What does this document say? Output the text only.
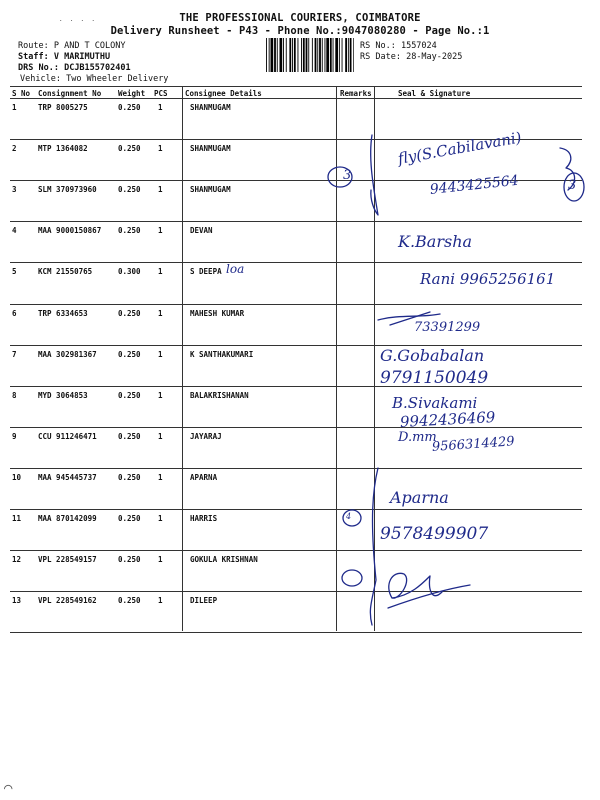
˙ ˙ ˙ ˙
⌒
THE PROFESSIONAL COURIERS, COIMBATORE
Delivery Runsheet - P43 - Phone No.:9047080280 - Page No.:1
Route: P AND T COLONY
Staff: V MARIMUTHU
DRS No.: DCJB155702401
Vehicle: Two Wheeler Delivery
RS No.: 1557024
RS Date: 28-May-2025
S No Consignment No Weight PCS Consignee Details	Remarks	Seal & Signature
1	TRP 8005275	0.250 1	SHANMUGAM
2	MTP 1364082	0.250 1	SHANMUGAM
3	SLM 370973960	0.250 1	SHANMUGAM
4	MAA 9000150867 0.250 1	DEVAN
5	KCM 21550765	0.300 1	S DEEPA
6	TRP 6334653	0.250 1	MAHESH KUMAR
7	MAA 302981367	0.250 1	K SANTHAKUMARI
8	MYD 3064853	0.250 1	BALAKRISHANAN
9	CCU 911246471	0.250 1	JAYARAJ
10 MAA 945445737	0.250 1	APARNA
11 MAA 870142099	0.250 1	HARRIS
12 VPL 228549157	0.250 1	GOKULA KRISHNAN
13 VPL 228549162	0.250 1	DILEEP
3
3
fly(S.Cabilavani)
9443425564
K.Barsha
loa
Rani 9965256161
73391299
G.Gobabalan
9791150049
B.Sivakami
9942436469
D.mm
9566314429
Aparna
4
9578499907
